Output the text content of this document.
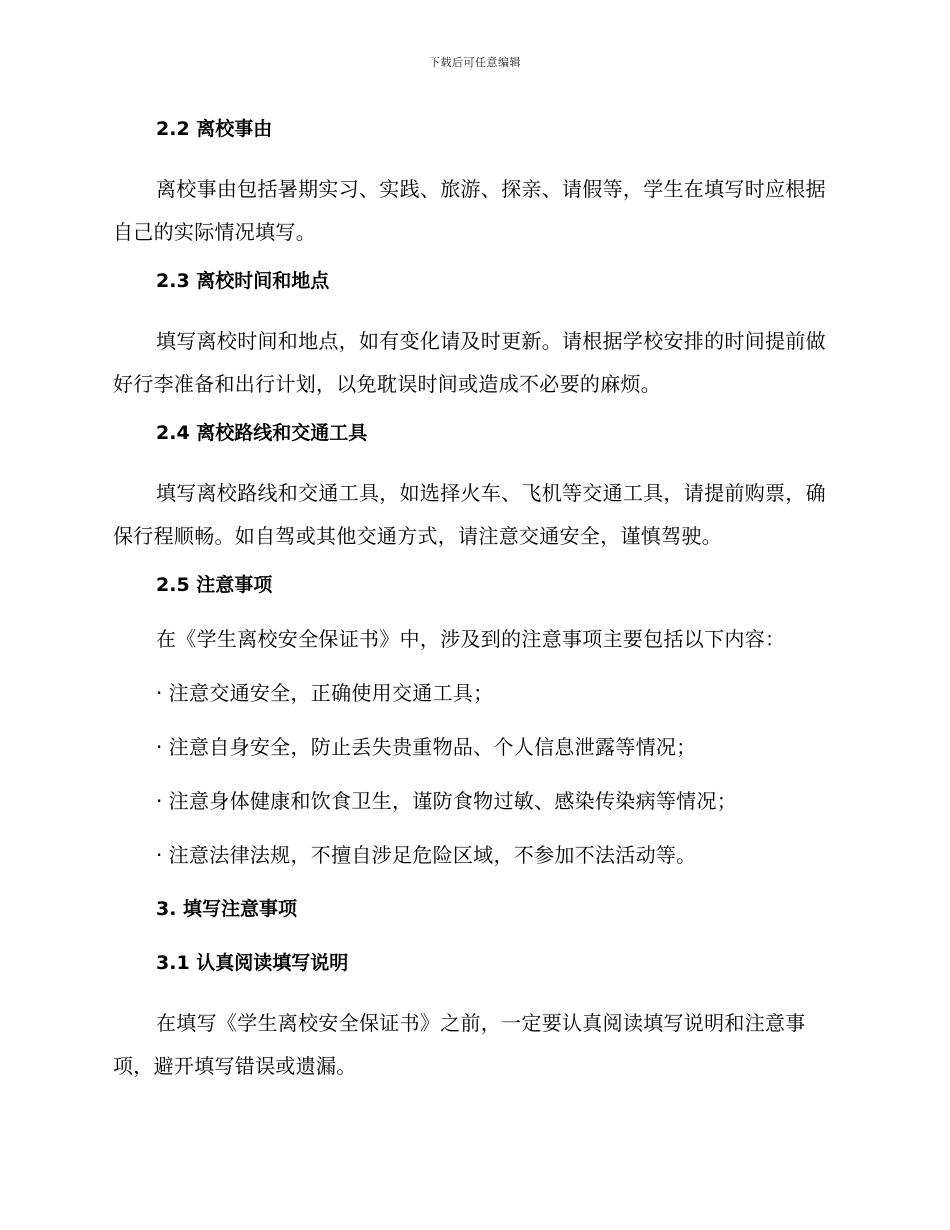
下载后可任意编辑
2.2 离校事由

离校事由包括暑期实习、实践、旅游、探亲、请假等，学生在填写时应根据自己的实际情况填写。

2.3 离校时间和地点

填写离校时间和地点，如有变化请及时更新。请根据学校安排的时间提前做好行李准备和出行计划，以免耽误时间或造成不必要的麻烦。

2.4 离校路线和交通工具

填写离校路线和交通工具，如选择火车、飞机等交通工具，请提前购票，确保行程顺畅。如自驾或其他交通方式，请注意交通安全，谨慎驾驶。

2.5 注意事项
在《学生离校安全保证书》中，涉及到的注意事项主要包括以下内容：
· 注意交通安全，正确使用交通工具；
· 注意自身安全，防止丢失贵重物品、个人信息泄露等情况；
· 注意身体健康和饮食卫生，谨防食物过敏、感染传染病等情况；
· 注意法律法规，不擅自涉足危险区域，不参加不法活动等。
3. 填写注意事项
3.1 认真阅读填写说明

在填写《学生离校安全保证书》之前，一定要认真阅读填写说明和注意事项，避开填写错误或遗漏。
